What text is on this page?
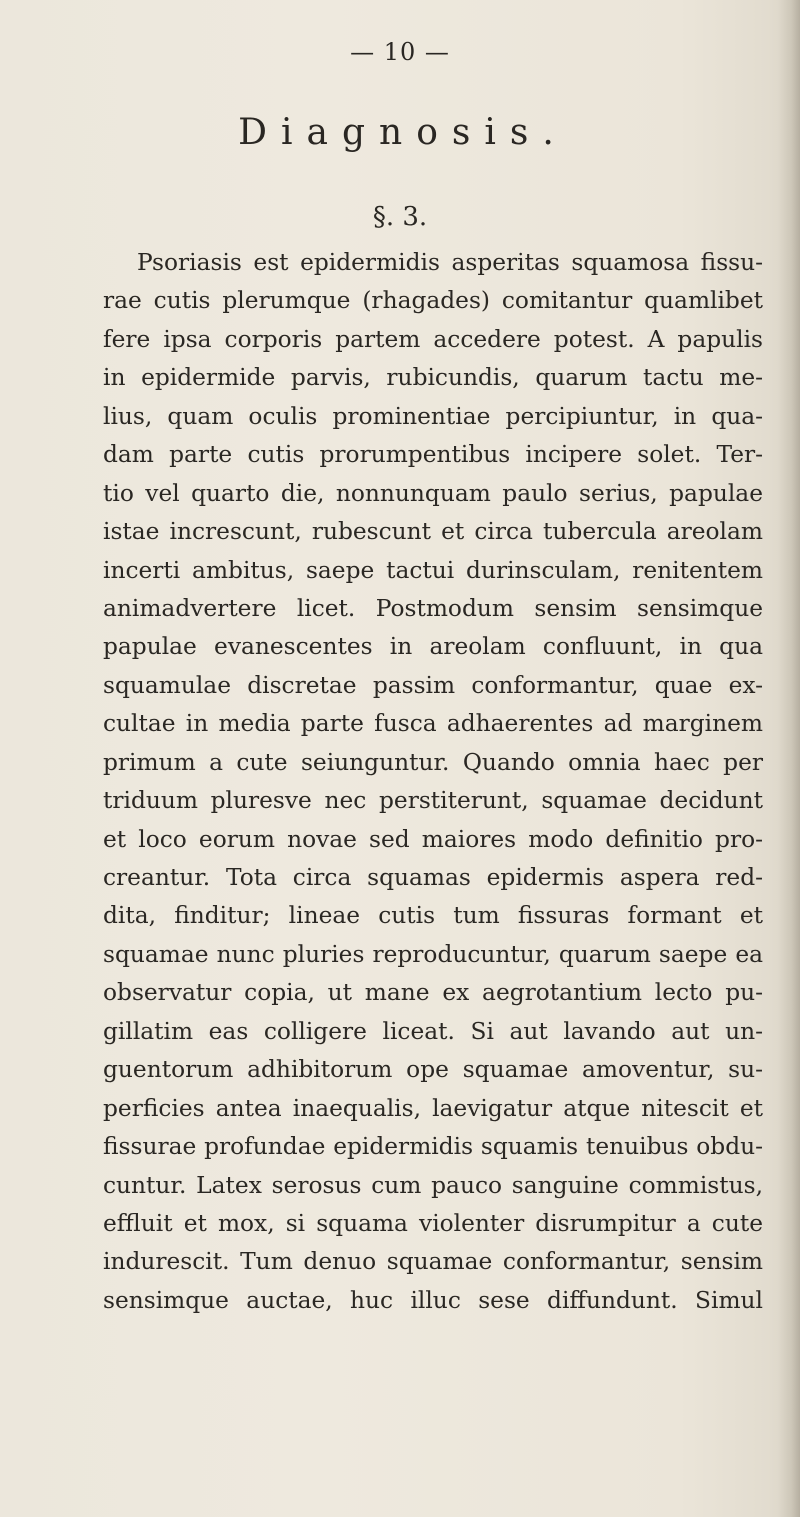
— 10 —
Diagnosis.
§. 3.
Psoriasis est epidermidis asperitas squamosa fissu-
rae cutis plerumque (rhagades) comitantur quamlibet
fere ipsa corporis partem accedere potest. A papulis
in epidermide parvis, rubicundis, quarum tactu me-
lius, quam oculis prominentiae percipiuntur, in qua-
dam parte cutis prorumpentibus incipere solet. Ter-
tio vel quarto die, nonnunquam paulo serius, papulae
istae increscunt, rubescunt et circa tubercula areolam
incerti ambitus, saepe tactui durinsculam, renitentem
animadvertere licet. Postmodum sensim sensimque
papulae evanescentes in areolam confluunt, in qua
squamulae discretae passim conformantur, quae ex-
cultae in media parte fusca adhaerentes ad marginem
primum a cute seiunguntur. Quando omnia haec per
triduum pluresve nec perstiterunt, squamae decidunt
et loco eorum novae sed maiores modo definitio pro-
creantur. Tota circa squamas epidermis aspera red-
dita, finditur; lineae cutis tum fissuras formant et
squamae nunc pluries reproducuntur, quarum saepe ea
observatur copia, ut mane ex aegrotantium lecto pu-
gillatim eas colligere liceat. Si aut lavando aut un-
guentorum adhibitorum ope squamae amoventur, su-
perficies antea inaequalis, laevigatur atque nitescit et
fissurae profundae epidermidis squamis tenuibus obdu-
cuntur. Latex serosus cum pauco sanguine commistus,
effluit et mox, si squama violenter disrumpitur a cute
indurescit. Tum denuo squamae conformantur, sensim
sensimque auctae, huc illuc sese diffundunt. Simul
